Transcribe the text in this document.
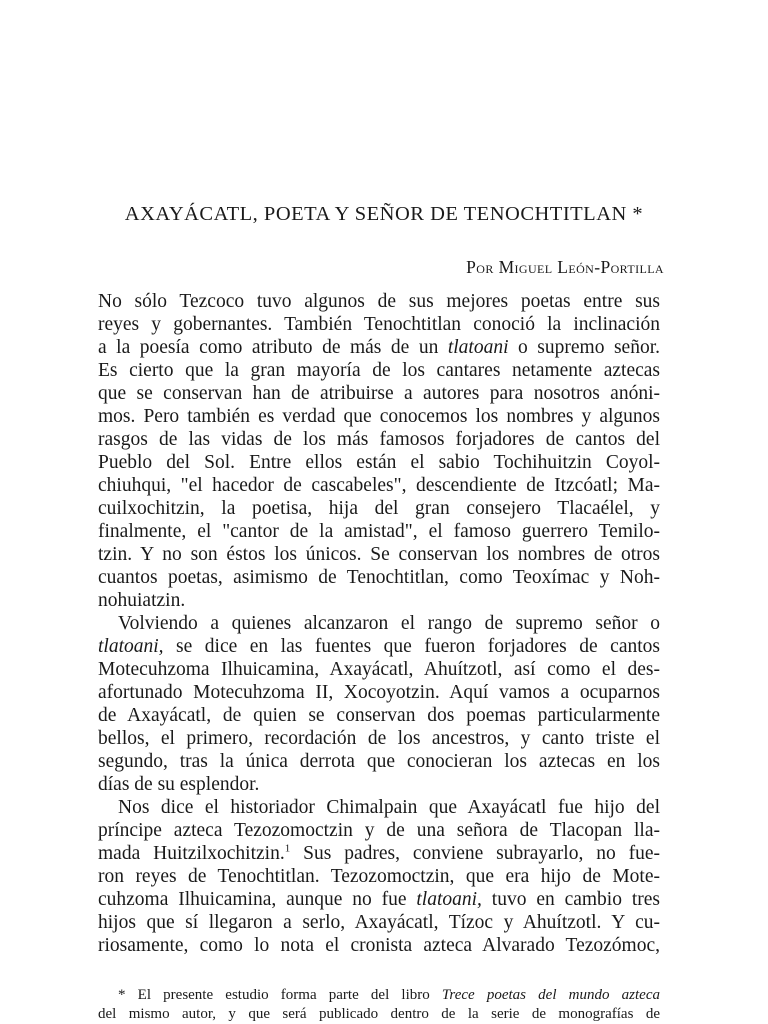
AXAYÁCATL, POETA Y SEÑOR DE TENOCHTITLAN *
Por Miguel León-Portilla
No sólo Tezcoco tuvo algunos de sus mejores poetas entre sus
reyes y gobernantes. También Tenochtitlan conoció la inclinación
a la poesía como atributo de más de un tlatoani o supremo señor.
Es cierto que la gran mayoría de los cantares netamente aztecas
que se conservan han de atribuirse a autores para nosotros anóni-
mos. Pero también es verdad que conocemos los nombres y algunos
rasgos de las vidas de los más famosos forjadores de cantos del
Pueblo del Sol. Entre ellos están el sabio Tochihuitzin Coyol-
chiuhqui, "el hacedor de cascabeles", descendiente de Itzcóatl; Ma-
cuilxochitzin, la poetisa, hija del gran consejero Tlacaélel, y
finalmente, el "cantor de la amistad", el famoso guerrero Temilo-
tzin. Y no son éstos los únicos. Se conservan los nombres de otros
cuantos poetas, asimismo de Tenochtitlan, como Teoxímac y Noh-
nohuiatzin.
Volviendo a quienes alcanzaron el rango de supremo señor o
tlatoani, se dice en las fuentes que fueron forjadores de cantos
Motecuhzoma Ilhuicamina, Axayácatl, Ahuítzotl, así como el des-
afortunado Motecuhzoma II, Xocoyotzin. Aquí vamos a ocuparnos
de Axayácatl, de quien se conservan dos poemas particularmente
bellos, el primero, recordación de los ancestros, y canto triste el
segundo, tras la única derrota que conocieran los aztecas en los
días de su esplendor.
Nos dice el historiador Chimalpain que Axayácatl fue hijo del
príncipe azteca Tezozomoctzin y de una señora de Tlacopan lla-
mada Huitzilxochitzin.$^1$ Sus padres, conviene subrayarlo, no fue-
ron reyes de Tenochtitlan. Tezozomoctzin, que era hijo de Mote-
cuhzoma Ilhuicamina, aunque no fue tlatoani, tuvo en cambio tres
hijos que sí llegaron a serlo, Axayácatl, Tízoc y Ahuítzotl. Y cu-
riosamente, como lo nota el cronista azteca Alvarado Tezozómoc,
* El presente estudio forma parte del libro Trece poetas del mundo azteca
del mismo autor, y que será publicado dentro de la serie de monografías de
